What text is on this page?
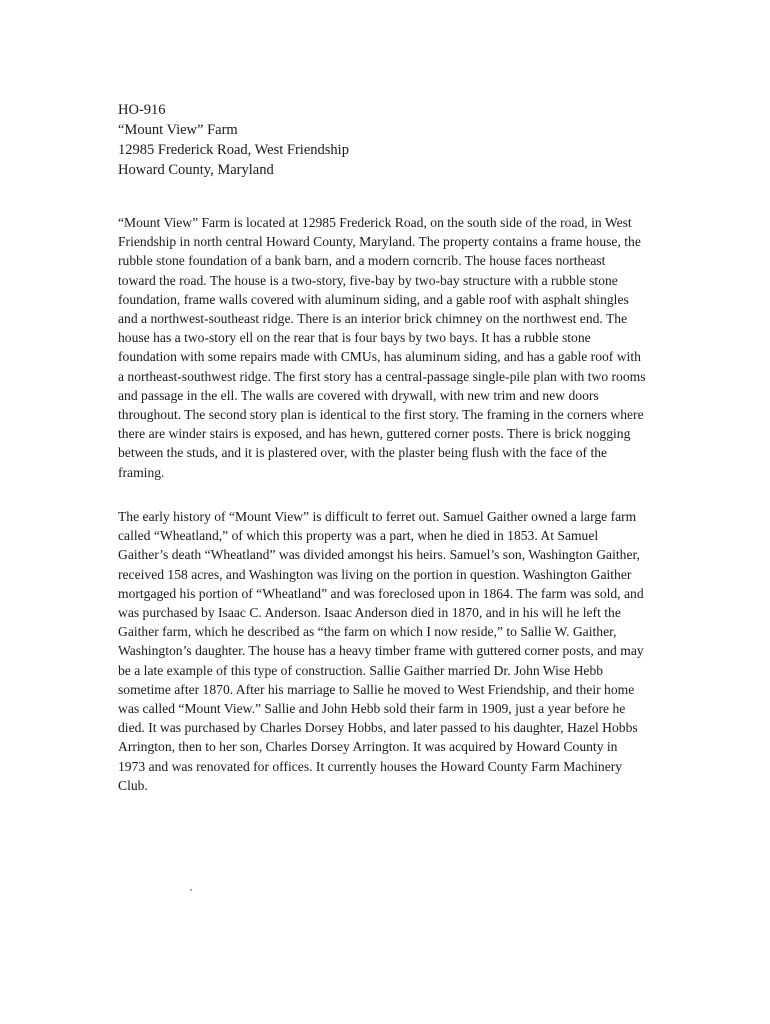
HO-916
“Mount View” Farm
12985 Frederick Road, West Friendship
Howard County, Maryland

“Mount View” Farm is located at 12985 Frederick Road, on the south side of the road, in West Friendship in north central Howard County, Maryland. The property contains a frame house, the rubble stone foundation of a bank barn, and a modern corncrib. The house faces northeast toward the road. The house is a two-story, five-bay by two-bay structure with a rubble stone foundation, frame walls covered with aluminum siding, and a gable roof with asphalt shingles and a northwest-southeast ridge. There is an interior brick chimney on the northwest end. The house has a two-story ell on the rear that is four bays by two bays. It has a rubble stone foundation with some repairs made with CMUs, has aluminum siding, and has a gable roof with a northeast-southwest ridge. The first story has a central-passage single-pile plan with two rooms and passage in the ell. The walls are covered with drywall, with new trim and new doors throughout. The second story plan is identical to the first story. The framing in the corners where there are winder stairs is exposed, and has hewn, guttered corner posts. There is brick nogging between the studs, and it is plastered over, with the plaster being flush with the face of the framing.

The early history of “Mount View” is difficult to ferret out. Samuel Gaither owned a large farm called “Wheatland,” of which this property was a part, when he died in 1853. At Samuel Gaither’s death “Wheatland” was divided amongst his heirs. Samuel’s son, Washington Gaither, received 158 acres, and Washington was living on the portion in question. Washington Gaither mortgaged his portion of “Wheatland” and was foreclosed upon in 1864. The farm was sold, and was purchased by Isaac C. Anderson. Isaac Anderson died in 1870, and in his will he left the Gaither farm, which he described as “the farm on which I now reside,” to Sallie W. Gaither, Washington’s daughter. The house has a heavy timber frame with guttered corner posts, and may be a late example of this type of construction. Sallie Gaither married Dr. John Wise Hebb sometime after 1870. After his marriage to Sallie he moved to West Friendship, and their home was called “Mount View.” Sallie and John Hebb sold their farm in 1909, just a year before he died. It was purchased by Charles Dorsey Hobbs, and later passed to his daughter, Hazel Hobbs Arrington, then to her son, Charles Dorsey Arrington. It was acquired by Howard County in 1973 and was renovated for offices. It currently houses the Howard County Farm Machinery Club.
